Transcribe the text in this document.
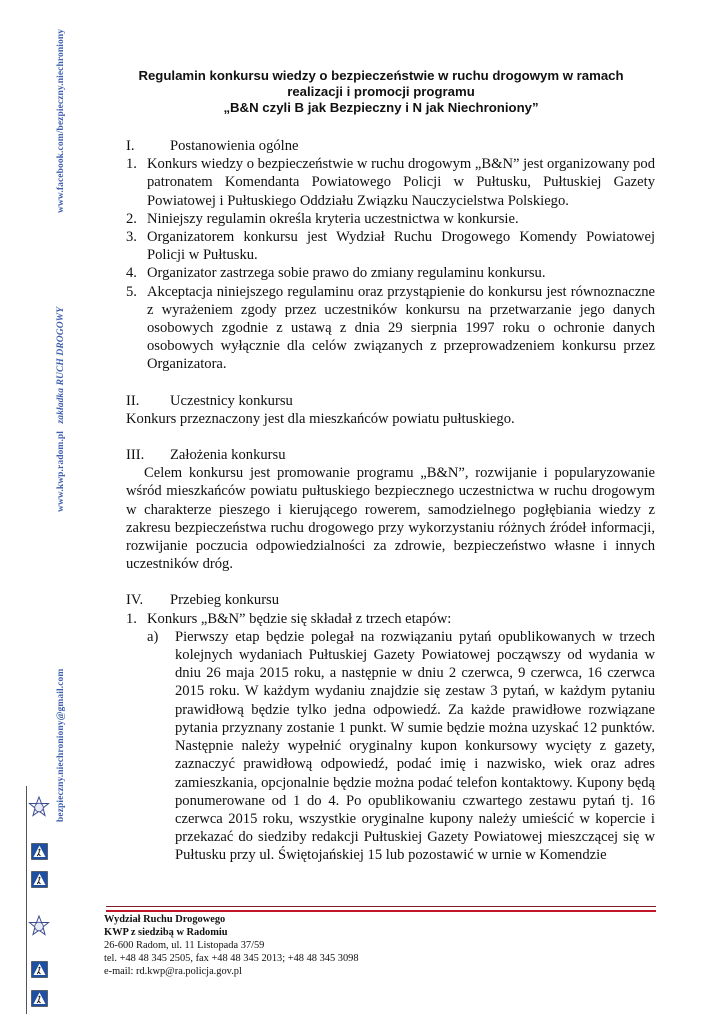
www.facebook.com/bezpieczny.niechroniony
www.kwp.radom.pl   zakładka RUCH DROGOWY
bezpieczny.niechroniony@gmail.com
Regulamin konkursu wiedzy o bezpieczeństwie w ruchu drogowym w ramach
realizacji i promocji programu
„B&N czyli B jak Bezpieczny i N jak Niechroniony”
I.	Postanowienia ogólne
1. Konkurs wiedzy o bezpieczeństwie w ruchu drogowym „B&N” jest organizowany pod patronatem Komendanta Powiatowego Policji w Pułtusku, Pułtuskiej Gazety Powiatowej i Pułtuskiego Oddziału Związku Nauczycielstwa Polskiego.
2. Niniejszy regulamin określa kryteria uczestnictwa w konkursie.
3. Organizatorem konkursu jest Wydział Ruchu Drogowego Komendy Powiatowej Policji w Pułtusku.
4. Organizator zastrzega sobie prawo do zmiany regulaminu konkursu.
5. Akceptacja niniejszego regulaminu oraz przystąpienie do konkursu jest równoznaczne z wyrażeniem zgody przez uczestników konkursu na przetwarzanie jego danych osobowych zgodnie z ustawą z dnia 29 sierpnia 1997 roku o ochronie danych osobowych wyłącznie dla celów związanych z przeprowadzeniem konkursu przez Organizatora.
II.	Uczestnicy konkursu
Konkurs przeznaczony jest dla mieszkańców powiatu pułtuskiego.
III.	Założenia konkursu
Celem konkursu jest promowanie programu „B&N”, rozwijanie i popularyzowanie wśród mieszkańców powiatu pułtuskiego bezpiecznego uczestnictwa w ruchu drogowym w charakterze pieszego i kierującego rowerem, samodzielnego pogłębiania wiedzy z zakresu bezpieczeństwa ruchu drogowego przy wykorzystaniu różnych źródeł informacji, rozwijanie poczucia odpowiedzialności za zdrowie, bezpieczeństwo własne i innych uczestników dróg.
IV.	Przebieg konkursu
1. Konkurs „B&N” będzie się składał z trzech etapów:
a)	Pierwszy etap będzie polegał na rozwiązaniu pytań opublikowanych w trzech kolejnych wydaniach Pułtuskiej Gazety Powiatowej począwszy od wydania w dniu 26 maja 2015 roku, a następnie w dniu 2 czerwca, 9 czerwca, 16 czerwca 2015 roku. W każdym wydaniu znajdzie się zestaw 3 pytań, w każdym pytaniu prawidłową będzie tylko jedna odpowiedź. Za każde prawidłowe rozwiązane pytania przyznany zostanie 1 punkt. W sumie będzie można uzyskać 12 punktów. Następnie należy wypełnić oryginalny kupon konkursowy wycięty z gazety, zaznaczyć prawidłową odpowiedź, podać imię i nazwisko, wiek oraz adres zamieszkania, opcjonalnie będzie można podać telefon kontaktowy. Kupony będą ponumerowane od 1 do 4. Po opublikowaniu czwartego zestawu pytań tj. 16 czerwca 2015 roku, wszystkie oryginalne kupony należy umieścić w kopercie i przekazać do siedziby redakcji Pułtuskiej Gazety Powiatowej mieszczącej się w Pułtusku przy ul. Świętojańskiej 15 lub pozostawić w urnie w Komendzie
Wydział Ruchu Drogowego
KWP z siedzibą w Radomiu
26-600 Radom, ul. 11 Listopada 37/59
tel. +48 48 345 2505, fax +48 48 345 2013; +48 48 345 3098
e-mail: rd.kwp@ra.policja.gov.pl
